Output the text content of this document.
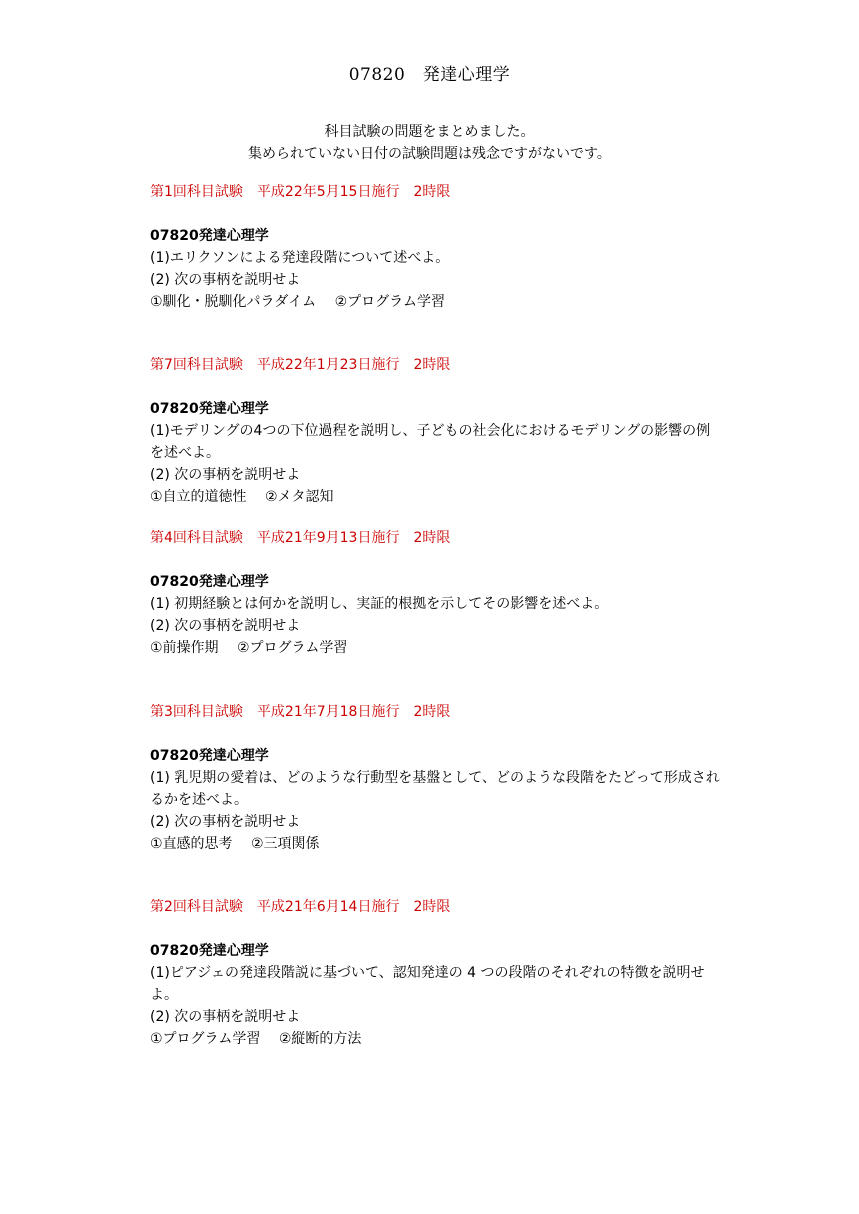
07820　発達心理学
科目試験の問題をまとめました。
集められていない日付の試験問題は残念ですがないです。
第1回科目試験　平成22年5月15日施行　2時限
07820発達心理学
(1)エリクソンによる発達段階について述べよ。
(2) 次の事柄を説明せよ
①馴化・脱馴化パラダイム　 ②プログラム学習
第7回科目試験　平成22年1月23日施行　2時限
07820発達心理学
(1)モデリングの4つの下位過程を説明し、子どもの社会化におけるモデリングの影響の例を述べよ。
(2) 次の事柄を説明せよ
①自立的道徳性　 ②メタ認知
第4回科目試験　平成21年9月13日施行　2時限
07820発達心理学
(1) 初期経験とは何かを説明し、実証的根拠を示してその影響を述べよ。
(2) 次の事柄を説明せよ
①前操作期　 ②プログラム学習
第3回科目試験　平成21年7月18日施行　2時限
07820発達心理学
(1) 乳児期の愛着は、どのような行動型を基盤として、どのような段階をたどって形成されるかを述べよ。
(2) 次の事柄を説明せよ
①直感的思考　 ②三項関係
第2回科目試験　平成21年6月14日施行　2時限
07820発達心理学
(1)ピアジェの発達段階説に基づいて、認知発達の 4 つの段階のそれぞれの特徴を説明せよ。
(2) 次の事柄を説明せよ
①プログラム学習　 ②縦断的方法
